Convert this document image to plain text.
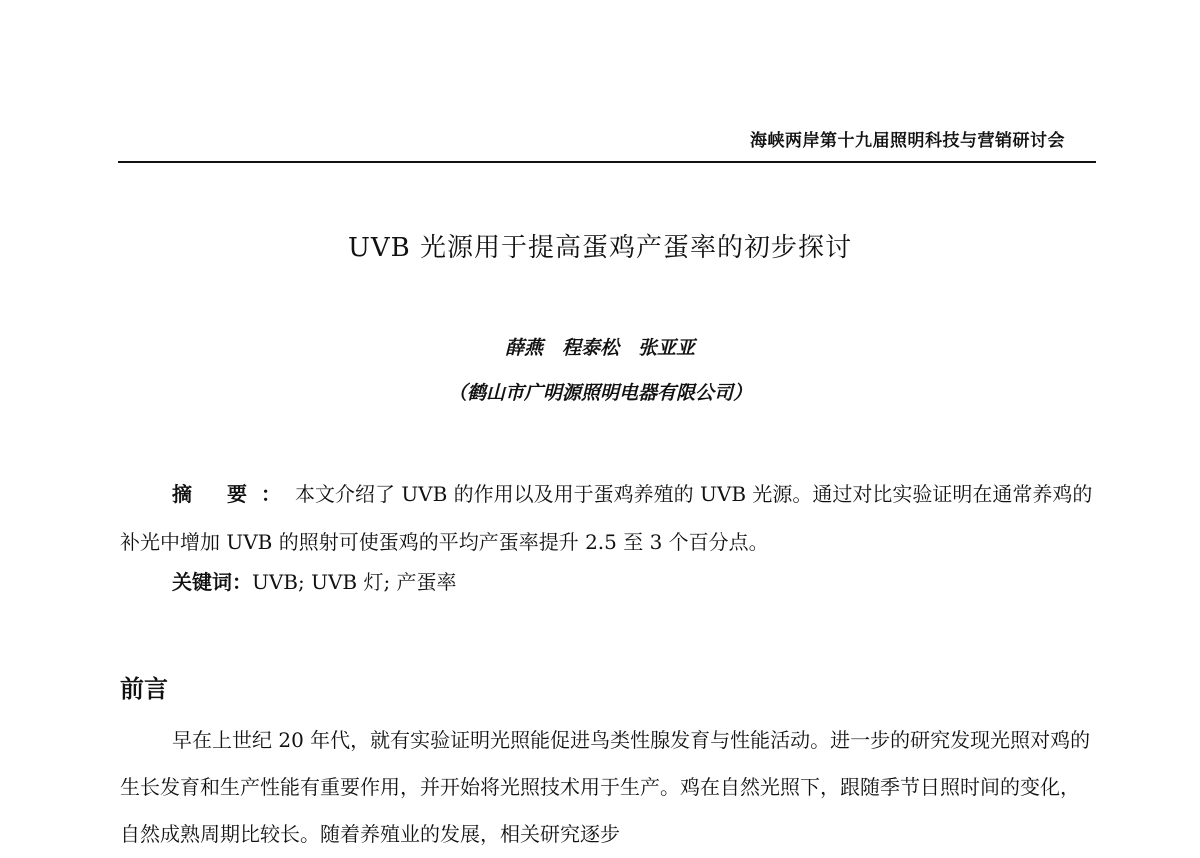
海峡两岸第十九届照明科技与营销研讨会
UVB 光源用于提高蛋鸡产蛋率的初步探讨
薛燕　程泰松　张亚亚
（鹤山市广明源照明电器有限公司）

摘 要：本文介绍了 UVB 的作用以及用于蛋鸡养殖的 UVB 光源。通过对比实验证明在通常养鸡的补光中增加 UVB 的照射可使蛋鸡的平均产蛋率提升 2.5 至 3 个百分点。

关键词：UVB; UVB 灯; 产蛋率
前言

早在上世纪 20 年代，就有实验证明光照能促进鸟类性腺发育与性能活动。进一步的研究发现光照对鸡的生长发育和生产性能有重要作用，并开始将光照技术用于生产。鸡在自然光照下，跟随季节日照时间的变化，自然成熟周期比较长。随着养殖业的发展，相关研究逐步
